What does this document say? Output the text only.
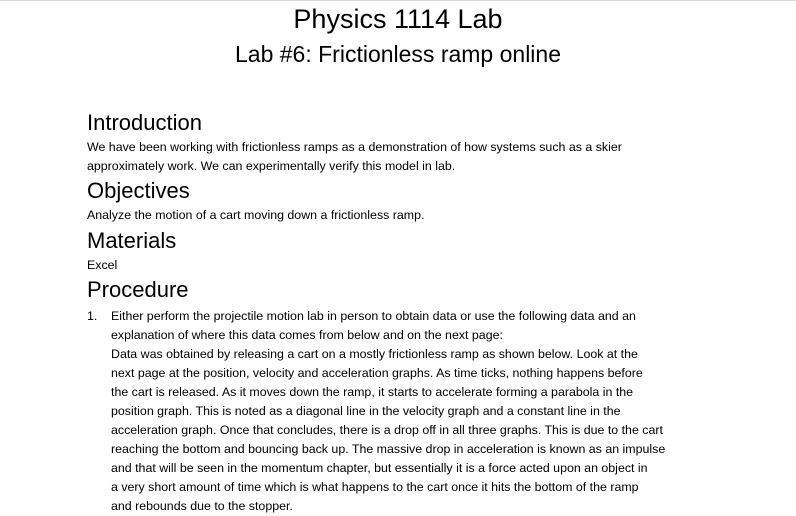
Physics 1114 Lab
Lab #6: Frictionless ramp online
Introduction
We have been working with frictionless ramps as a demonstration of how systems such as a skier
approximately work. We can experimentally verify this model in lab.
Objectives
Analyze the motion of a cart moving down a frictionless ramp.
Materials
Excel
Procedure
1. Either perform the projectile motion lab in person to obtain data or use the following data and an
explanation of where this data comes from below and on the next page:
Data was obtained by releasing a cart on a mostly frictionless ramp as shown below. Look at the
next page at the position, velocity and acceleration graphs. As time ticks, nothing happens before
the cart is released. As it moves down the ramp, it starts to accelerate forming a parabola in the
position graph. This is noted as a diagonal line in the velocity graph and a constant line in the
acceleration graph. Once that concludes, there is a drop off in all three graphs. This is due to the cart
reaching the bottom and bouncing back up. The massive drop in acceleration is known as an impulse
and that will be seen in the momentum chapter, but essentially it is a force acted upon an object in
a very short amount of time which is what happens to the cart once it hits the bottom of the ramp
and rebounds due to the stopper.
